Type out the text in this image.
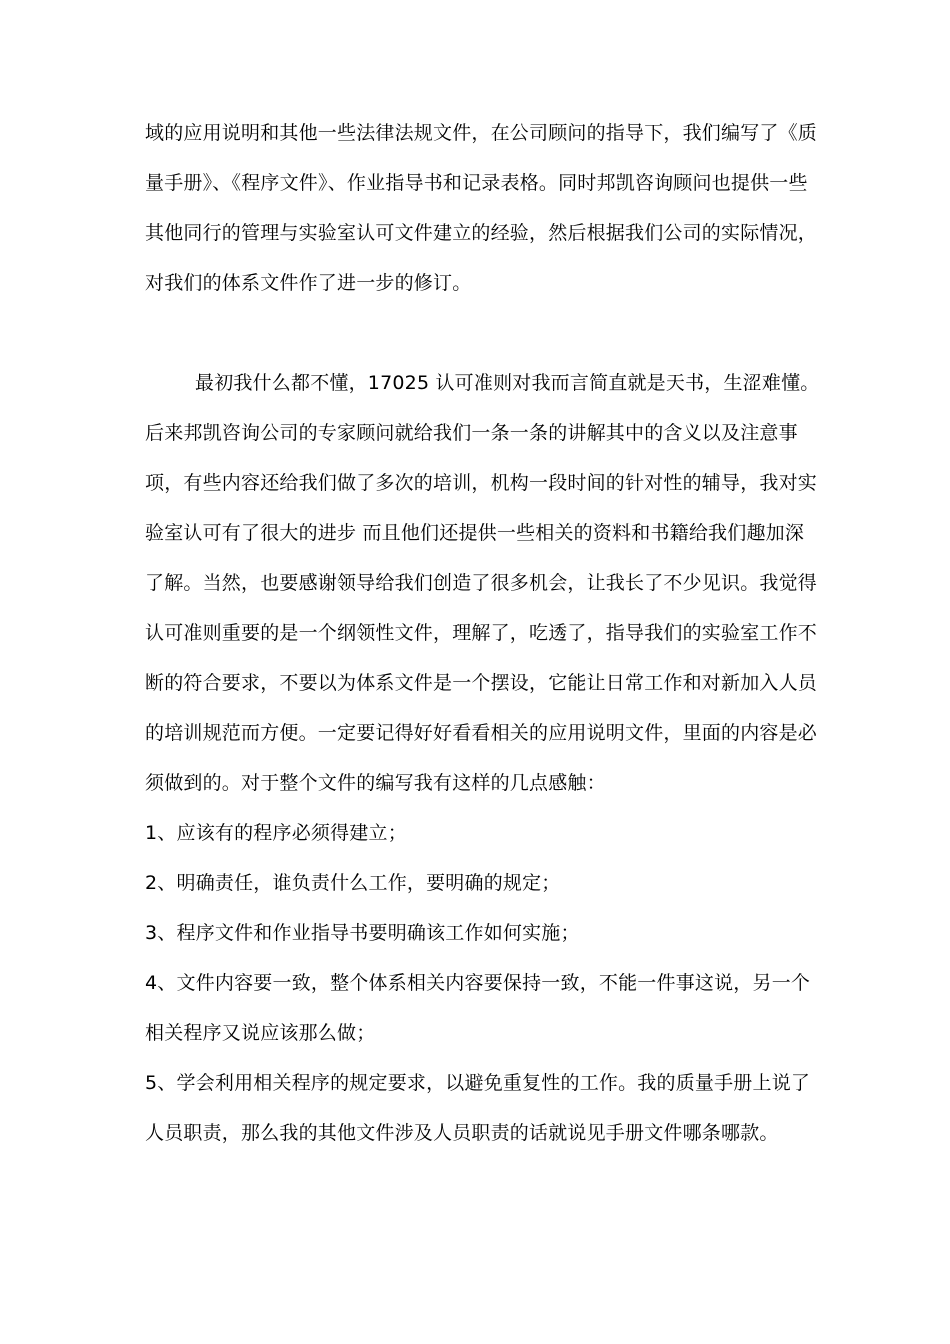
域的应用说明和其他一些法律法规文件，在公司顾问的指导下，我们编写了《质
量手册》、《程序文件》、作业指导书和记录表格。同时邦凯咨询顾问也提供一些
其他同行的管理与实验室认可文件建立的经验，然后根据我们公司的实际情况，
对我们的体系文件作了进一步的修订。
最初我什么都不懂，17025 认可准则对我而言简直就是天书，生涩难懂。
后来邦凯咨询公司的专家顾问就给我们一条一条的讲解其中的含义以及注意事
项，有些内容还给我们做了多次的培训，机构一段时间的针对性的辅导，我对实
验室认可有了很大的进步 而且他们还提供一些相关的资料和书籍给我们趣加深
了解。当然，也要感谢领导给我们创造了很多机会，让我长了不少见识。我觉得
认可准则重要的是一个纲领性文件，理解了，吃透了，指导我们的实验室工作不
断的符合要求，不要以为体系文件是一个摆设，它能让日常工作和对新加入人员
的培训规范而方便。一定要记得好好看看相关的应用说明文件，里面的内容是必
须做到的。对于整个文件的编写我有这样的几点感触：
1、应该有的程序必须得建立；
2、明确责任，谁负责什么工作，要明确的规定；
3、程序文件和作业指导书要明确该工作如何实施；
4、文件内容要一致，整个体系相关内容要保持一致，不能一件事这说，另一个
相关程序又说应该那么做；
5、学会利用相关程序的规定要求，以避免重复性的工作。我的质量手册上说了
人员职责，那么我的其他文件涉及人员职责的话就说见手册文件哪条哪款。
